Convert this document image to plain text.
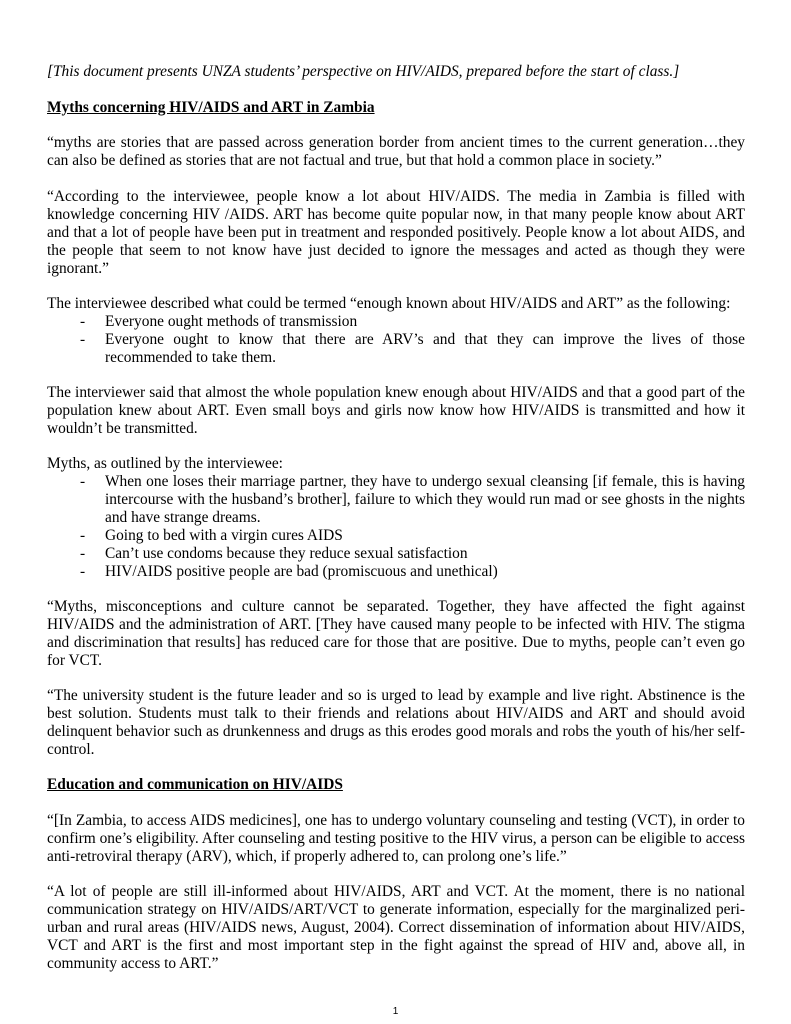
[This document presents UNZA students’ perspective on HIV/AIDS, prepared before the start of class.]

Myths concerning HIV/AIDS and ART in Zambia

“myths are stories that are passed across generation border from ancient times to the current generation…they can also be defined as stories that are not factual and true, but that hold a common place in society.”

“According to the interviewee, people know a lot about HIV/AIDS. The media in Zambia is filled with knowledge concerning HIV /AIDS. ART has become quite popular now, in that many people know about ART and that a lot of people have been put in treatment and responded positively. People know a lot about AIDS, and the people that seem to not know have just decided to ignore the messages and acted as though they were ignorant.”

The interviewee described what could be termed “enough known about HIV/AIDS and ART” as the following:

- Everyone ought methods of transmission
- Everyone ought to know that there are ARV’s and that they can improve the lives of those recommended to take them.

The interviewer said that almost the whole population knew enough about HIV/AIDS and that a good part of the population knew about ART. Even small boys and girls now know how HIV/AIDS is transmitted and how it wouldn’t be transmitted.

Myths, as outlined by the interviewee:

- When one loses their marriage partner, they have to undergo sexual cleansing [if female, this is having intercourse with the husband’s brother], failure to which they would run mad or see ghosts in the nights and have strange dreams.
- Going to bed with a virgin cures AIDS
- Can’t use condoms because they reduce sexual satisfaction
- HIV/AIDS positive people are bad (promiscuous and unethical)

“Myths, misconceptions and culture cannot be separated. Together, they have affected the fight against HIV/AIDS and the administration of ART. [They have caused many people to be infected with HIV. The stigma and discrimination that results] has reduced care for those that are positive. Due to myths, people can’t even go for VCT.

“The university student is the future leader and so is urged to lead by example and live right. Abstinence is the best solution. Students must talk to their friends and relations about HIV/AIDS and ART and should avoid delinquent behavior such as drunkenness and drugs as this erodes good morals and robs the youth of his/her self-control.

Education and communication on HIV/AIDS

“[In Zambia, to access AIDS medicines], one has to undergo voluntary counseling and testing (VCT), in order to confirm one’s eligibility. After counseling and testing positive to the HIV virus, a person can be eligible to access anti-retroviral therapy (ARV), which, if properly adhered to, can prolong one’s life.”

“A lot of people are still ill-informed about HIV/AIDS, ART and VCT. At the moment, there is no national communication strategy on HIV/AIDS/ART/VCT to generate information, especially for the marginalized peri-urban and rural areas (HIV/AIDS news, August, 2004). Correct dissemination of information about HIV/AIDS, VCT and ART is the first and most important step in the fight against the spread of HIV and, above all, in community access to ART.”

1
